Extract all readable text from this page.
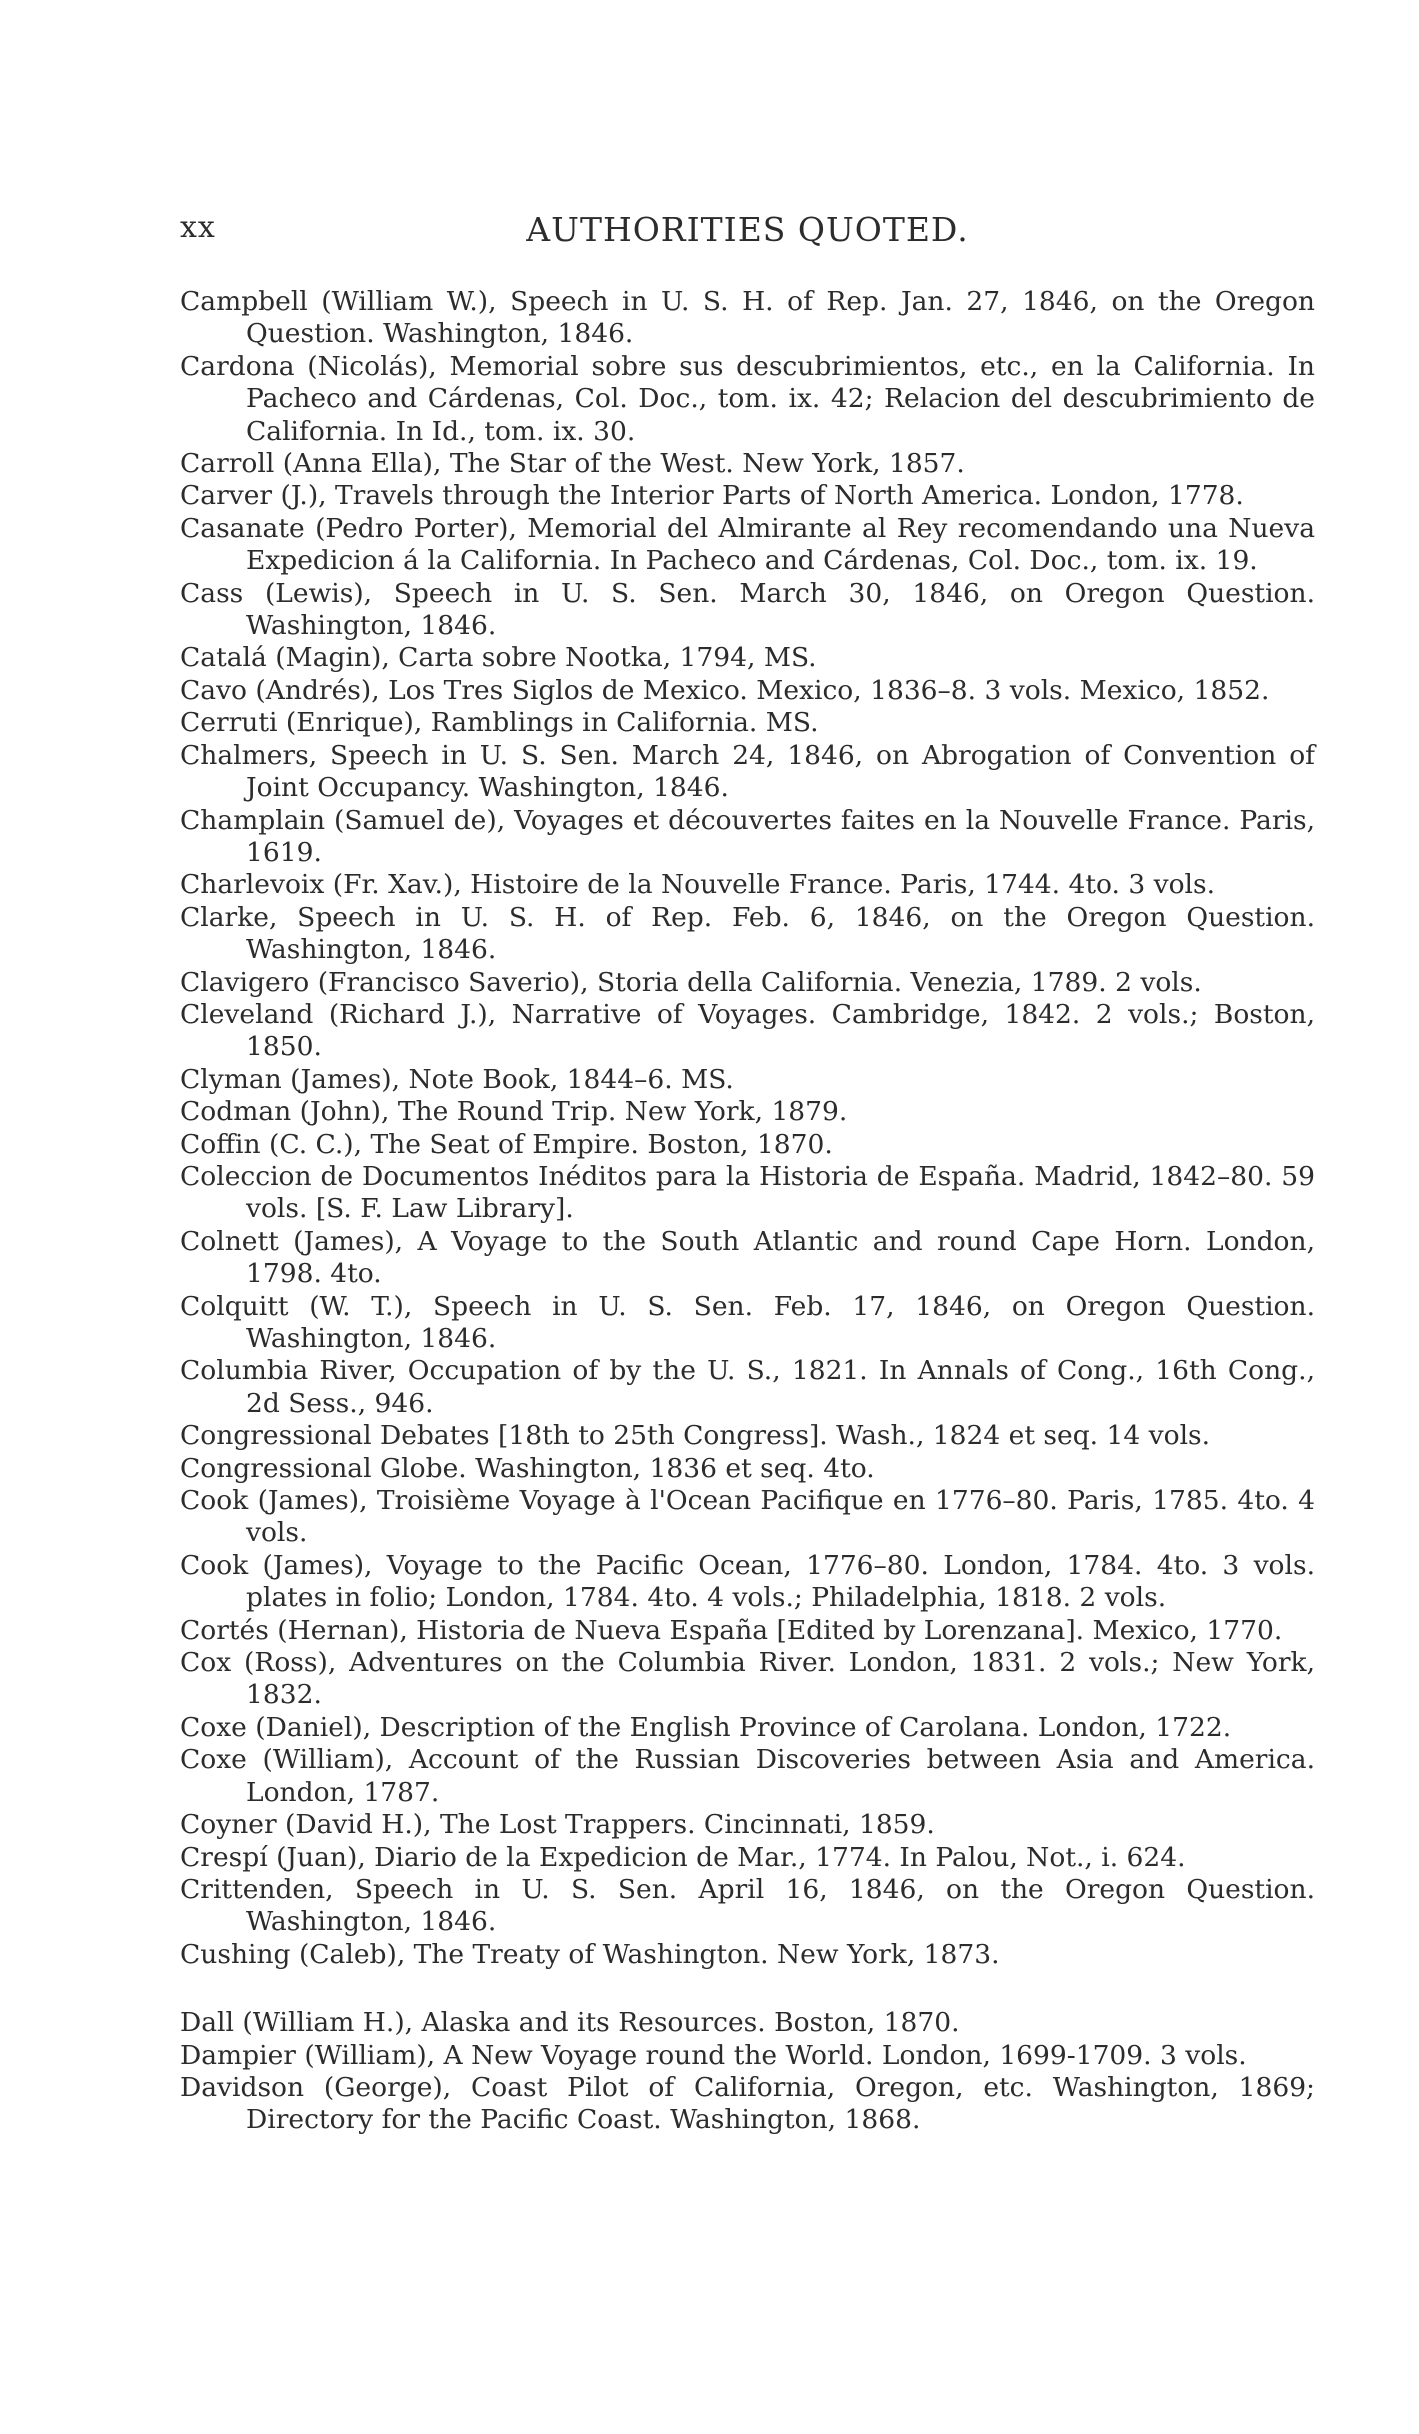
xx	AUTHORITIES QUOTED.

Campbell (William W.), Speech in U. S. H. of Rep. Jan. 27, 1846, on the Oregon Question. Washington, 1846.

Cardona (Nicolás), Memorial sobre sus descubrimientos, etc., en la California. In Pacheco and Cárdenas, Col. Doc., tom. ix. 42; Relacion del descubrimiento de California. In Id., tom. ix. 30.

Carroll (Anna Ella), The Star of the West. New York, 1857.

Carver (J.), Travels through the Interior Parts of North America. London, 1778.

Casanate (Pedro Porter), Memorial del Almirante al Rey recomendando una Nueva Expedicion á la California. In Pacheco and Cárdenas, Col. Doc., tom. ix. 19.

Cass (Lewis), Speech in U. S. Sen. March 30, 1846, on Oregon Question. Washington, 1846.

Catalá (Magin), Carta sobre Nootka, 1794, MS.

Cavo (Andrés), Los Tres Siglos de Mexico. Mexico, 1836–8. 3 vols. Mexico, 1852.

Cerruti (Enrique), Ramblings in California. MS.

Chalmers, Speech in U. S. Sen. March 24, 1846, on Abrogation of Convention of Joint Occupancy. Washington, 1846.

Champlain (Samuel de), Voyages et découvertes faites en la Nouvelle France. Paris, 1619.

Charlevoix (Fr. Xav.), Histoire de la Nouvelle France. Paris, 1744. 4to. 3 vols.

Clarke, Speech in U. S. H. of Rep. Feb. 6, 1846, on the Oregon Question. Washington, 1846.

Clavigero (Francisco Saverio), Storia della California. Venezia, 1789. 2 vols.

Cleveland (Richard J.), Narrative of Voyages. Cambridge, 1842. 2 vols.; Boston, 1850.

Clyman (James), Note Book, 1844–6. MS.

Codman (John), The Round Trip. New York, 1879.

Coffin (C. C.), The Seat of Empire. Boston, 1870.

Coleccion de Documentos Inéditos para la Historia de España. Madrid, 1842–80. 59 vols. [S. F. Law Library].

Colnett (James), A Voyage to the South Atlantic and round Cape Horn. London, 1798. 4to.

Colquitt (W. T.), Speech in U. S. Sen. Feb. 17, 1846, on Oregon Question. Washington, 1846.

Columbia River, Occupation of by the U. S., 1821. In Annals of Cong., 16th Cong., 2d Sess., 946.

Congressional Debates [18th to 25th Congress]. Wash., 1824 et seq. 14 vols.

Congressional Globe. Washington, 1836 et seq. 4to.

Cook (James), Troisième Voyage à l'Ocean Pacifique en 1776–80. Paris, 1785. 4to. 4 vols.

Cook (James), Voyage to the Pacific Ocean, 1776–80. London, 1784. 4to. 3 vols. plates in folio; London, 1784. 4to. 4 vols.; Philadelphia, 1818. 2 vols.

Cortés (Hernan), Historia de Nueva España [Edited by Lorenzana]. Mexico, 1770.

Cox (Ross), Adventures on the Columbia River. London, 1831. 2 vols.; New York, 1832.

Coxe (Daniel), Description of the English Province of Carolana. London, 1722.

Coxe (William), Account of the Russian Discoveries between Asia and America. London, 1787.

Coyner (David H.), The Lost Trappers. Cincinnati, 1859.

Crespí (Juan), Diario de la Expedicion de Mar., 1774. In Palou, Not., i. 624.

Crittenden, Speech in U. S. Sen. April 16, 1846, on the Oregon Question. Washington, 1846.

Cushing (Caleb), The Treaty of Washington. New York, 1873.

Dall (William H.), Alaska and its Resources. Boston, 1870.

Dampier (William), A New Voyage round the World. London, 1699-1709. 3 vols.

Davidson (George), Coast Pilot of California, Oregon, etc. Washington, 1869; Directory for the Pacific Coast. Washington, 1868.
